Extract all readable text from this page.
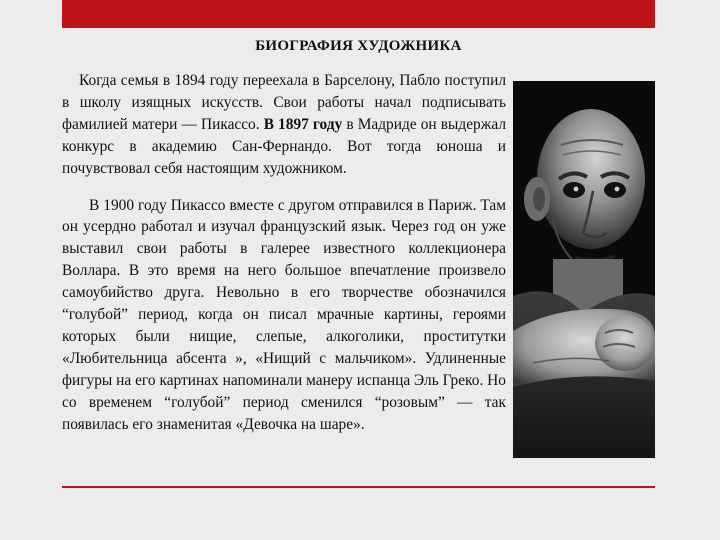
БИОГРАФИЯ ХУДОЖНИКА

Когда семья в 1894 году переехала в Барселону, Пабло поступил в школу изящных искусств. Свои работы начал подписывать фамилией матери — Пикассо. В 1897 году в Мадриде он выдержал конкурс в академию Сан-Фернандо. Вот тогда юноша и почувствовал себя настоящим художником.

В 1900 году Пикассо вместе с другом отправился в Париж. Там он усердно работал и изучал французский язык. Через год он уже выставил свои работы в галерее известного коллекционера Воллара. В это время на него большое впечатление произвело самоубийство друга. Невольно в его творчестве обозначился “голубой” период, когда он писал мрачные картины, героями которых были нищие, слепые, алкоголики, проститутки «Любительница абсента », «Нищий с мальчиком». Удлиненные фигуры на его картинах напоминали манеру испанца Эль Греко. Но со временем “голубой” период сменился “розовым” — так появилась его знаменитая «Девочка на шаре».
